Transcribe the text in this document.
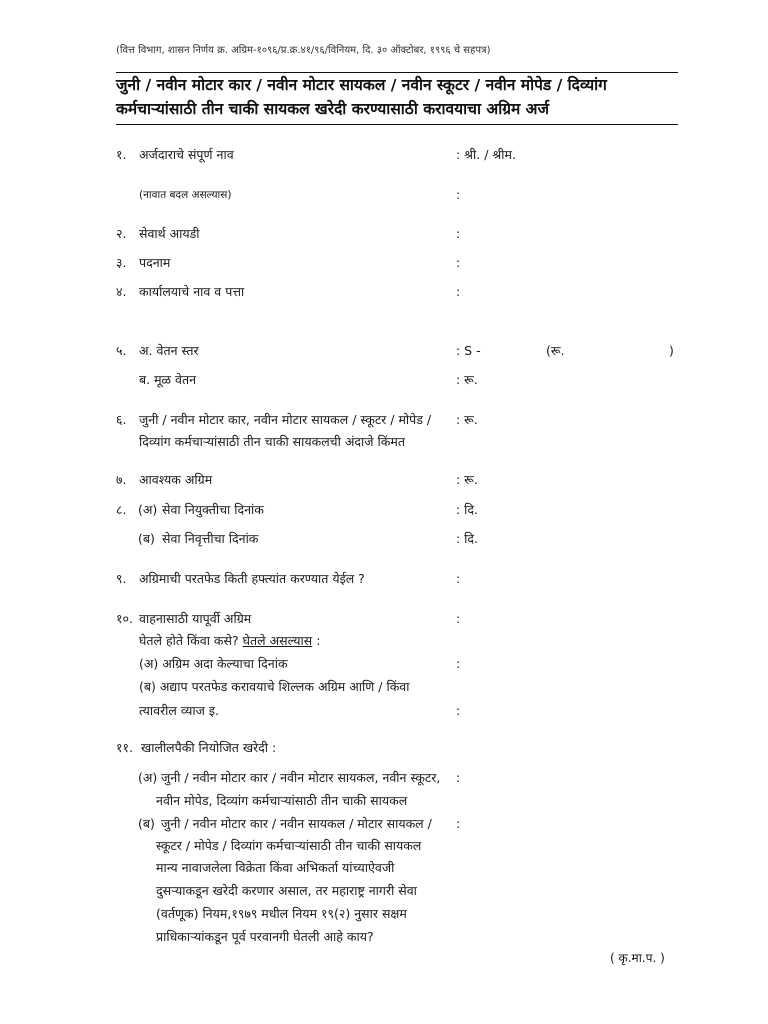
(वित्त विभाग, शासन निर्णय क्र. अग्रिम-१०९६/प्र.क्र.४१/९६/विनियम, दि. ३० ऑक्टोबर, १९९६ चे सहपत्र)
जुनी / नवीन मोटार कार / नवीन मोटार सायकल / नवीन स्कूटर / नवीन मोपेड / दिव्यांग कर्मचाऱ्यांसाठी तीन चाकी सायकल खरेदी करण्यासाठी करावयाचा अग्रिम अर्ज
१.	अर्जदाराचे संपूर्ण नाव	: श्री. / श्रीम.
(नावात बदल असल्यास)	:
२.	सेवार्थ आयडी	:
३.	पदनाम	:
४.	कार्यालयाचे नाव व पत्ता	:
५.	अ. वेतन स्तर	: S -	(रू.	)
ब. मूळ वेतन	: रू.
६.	जुनी / नवीन मोटार कार, नवीन मोटार सायकल / स्कूटर / मोपेड /	: रू.
दिव्यांग कर्मचाऱ्यांसाठी तीन चाकी सायकलची अंदाजे किंमत
७.	आवश्यक अग्रिम	: रू.
८. (अ) सेवा नियुक्तीचा दिनांक	: दि.
(ब) सेवा निवृत्तीचा दिनांक	: दि.
९.	अग्रिमाची परतफेड किती हफ्त्यांत करण्यात येईल ?	:
१०. वाहनासाठी यापूर्वी अग्रिम	:
घेतले होते किंवा कसे? घेतले असल्यास :
(अ) अग्रिम अदा केल्याचा दिनांक	:
(ब) अद्याप परतफेड करावयाचे शिल्लक अग्रिम आणि / किंवा
त्यावरील व्याज इ.	:
११. खालीलपैकी नियोजित खरेदी :
(अ) जुनी / नवीन मोटार कार / नवीन मोटार सायकल, नवीन स्कूटर,	:
नवीन मोपेड, दिव्यांग कर्मचाऱ्यांसाठी तीन चाकी सायकल
(ब) जुनी / नवीन मोटार कार / नवीन सायकल / मोटार सायकल /	:
स्कूटर / मोपेड / दिव्यांग कर्मचाऱ्यांसाठी तीन चाकी सायकल
मान्य नावाजलेला विक्रेता किंवा अभिकर्ता यांच्याऐवजी
दुसऱ्याकडून खरेदी करणार असाल, तर महाराष्ट्र नागरी सेवा
(वर्तणूक) नियम,१९७९ मधील नियम १९(२) नुसार सक्षम
प्राधिकाऱ्यांकडून पूर्व परवानगी घेतली आहे काय?
( कृ.मा.प. )
